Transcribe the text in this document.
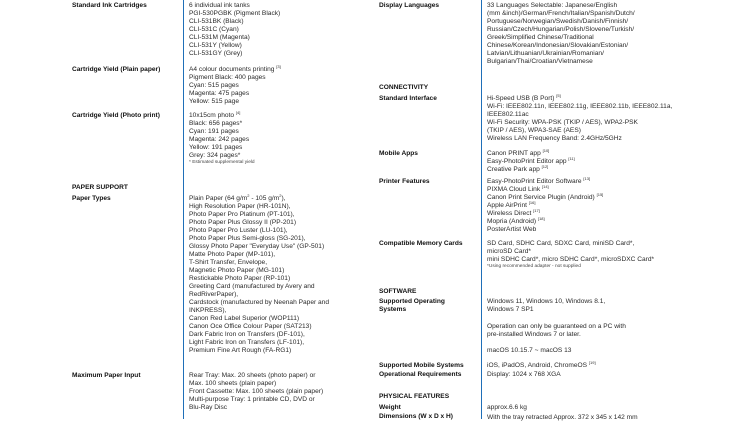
Standard Ink Cartridges	6 individual ink tanks
PGI-530PGBK (Pigment Black)
CLI-531BK (Black)
CLI-531C (Cyan)
CLI-531M (Magenta)
CLI-531Y (Yellow)
CLI-531GY (Grey)
Cartridge Yield (Plain paper)	A4 colour documents printing [3]
Pigment Black: 400 pages
Cyan: 515 pages
Magenta: 475 pages
Yellow: 515 page
Cartridge Yield (Photo print)	10x15cm photo [4]
Black: 656 pages*
Cyan: 191 pages
Magenta: 242 pages
Yellow: 191 pages
Grey: 324 pages*
* Estimated supplemental yield
PAPER SUPPORT
Paper Types	Plain Paper (64 $g/m^2 - 105$ $g/m^2$),
High Resolution Paper (HR-101N),
Photo Paper Pro Platinum (PT-101),
Photo Paper Plus Glossy II (PP-201)
Photo Paper Pro Luster (LU-101),
Photo Paper Plus Semi-gloss (SG-201),
Glossy Photo Paper "Everyday Use" (GP-501)
Matte Photo Paper (MP-101),
T-Shirt Transfer, Envelope,
Magnetic Photo Paper (MG-101)
Restickable Photo Paper (RP-101)
Greeting Card (manufactured by Avery and
RedRiverPaper),
Cardstock (manufactured by Neenah Paper and
INKPRESS),
Canon Red Label Superior (WOP111)
Canon Oce Office Colour Paper (SAT213)
Dark Fabric Iron on Transfers (DF-101),
Light Fabric Iron on Transfers (LF-101),
Premium Fine Art Rough (FA-RG1)
Maximum Paper Input	Rear Tray: Max. 20 sheets (photo paper) or
Max. 100 sheets (plain paper)
Front Cassette: Max. 100 sheets (plain paper)
Multi-purpose Tray: 1 printable CD, DVD or
Blu-Ray Disc
Display Languages	33 Languages Selectable: Japanese/English
(mm &inch)/German/French/Italian/Spanish/Dutch/
Portuguese/Norwegian/Swedish/Danish/Finnish/
Russian/Czech/Hungarian/Polish/Slovene/Turkish/
Greek/Simplified Chinese/Traditional
Chinese/Korean/Indonesian/Slovakian/Estonian/
Latvian/Lithuanian/Ukrainian/Romanian/
Bulgarian/Thai/Croatian/Vietnamese
CONNECTIVITY
Standard Interface	Hi-Speed USB (B Port) [5]
Wi-Fi: IEEE802.11n, IEEE802.11g, IEEE802.11b, IEEE802.11a,
IEEE802.11ac
Wi-Fi Security: WPA-PSK (TKIP / AES), WPA2-PSK
(TKIP / AES), WPA3-SAE (AES)
Wireless LAN Frequency Band: 2.4GHz/5GHz
Mobile Apps	Canon PRINT app [10]
Easy-PhotoPrint Editor app [11]
Creative Park app [12]
Printer Features	Easy-PhotoPrint Editor Software [13]
PIXMA Cloud Link [14]
Canon Print Service Plugin (Android) [15]
Apple AirPrint [16]
Wireless Direct [17]
Mopria (Android) [18]
PosterArtist Web
Compatible Memory Cards	SD Card, SDHC Card, SDXC Card, miniSD Card*,
microSD Card*
mini SDHC Card*, micro SDHC Card*, microSDXC Card*
*Using recommended adapter - not supplied
SOFTWARE
Supported Operating
Systems
Windows 11, Windows 10, Windows 8.1,
Windows 7 SP1
Operation can only be guaranteed on a PC with
pre-installed Windows 7 or later.
macOS 10.15.7 ~ macOS 13
Supported Mobile Systems	iOS, iPadOS, Android, ChromeOS [19]
Operational Requirements	Display: 1024 x 768 XGA
PHYSICAL FEATURES
Weight	approx.6.6 kg
Dimensions (W x D x H)	With the tray retracted Approx. 372 x 345 x 142 mm
